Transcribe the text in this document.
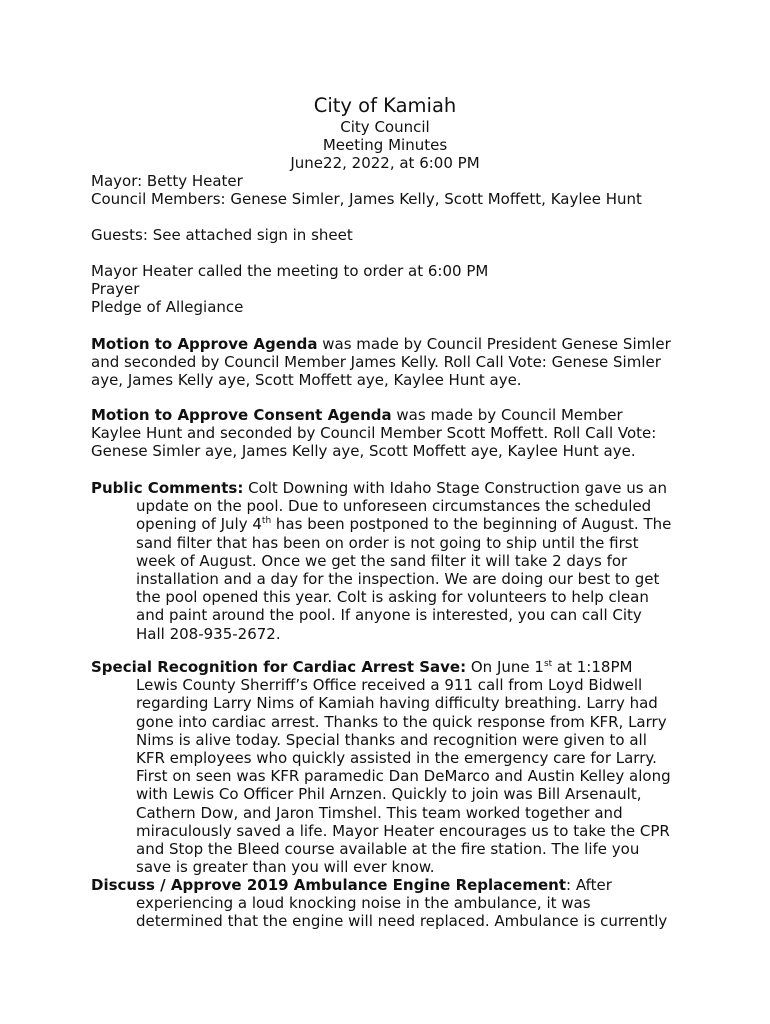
City of Kamiah
City Council
Meeting Minutes
June22, 2022, at 6:00 PM
Mayor: Betty Heater
Council Members: Genese Simler, James Kelly, Scott Moffett, Kaylee Hunt
Guests: See attached sign in sheet
Mayor Heater called the meeting to order at 6:00 PM
Prayer
Pledge of Allegiance
Motion to Approve Agenda was made by Council President Genese Simler
and seconded by Council Member James Kelly. Roll Call Vote: Genese Simler
aye, James Kelly aye, Scott Moffett aye, Kaylee Hunt aye.
Motion to Approve Consent Agenda was made by Council Member
Kaylee Hunt and seconded by Council Member Scott Moffett. Roll Call Vote:
Genese Simler aye, James Kelly aye, Scott Moffett aye, Kaylee Hunt aye.
Public Comments: Colt Downing with Idaho Stage Construction gave us an
update on the pool. Due to unforeseen circumstances the scheduled
opening of July 4th has been postponed to the beginning of August. The
sand filter that has been on order is not going to ship until the first
week of August. Once we get the sand filter it will take 2 days for
installation and a day for the inspection. We are doing our best to get
the pool opened this year. Colt is asking for volunteers to help clean
and paint around the pool. If anyone is interested, you can call City
Hall 208-935-2672.
Special Recognition for Cardiac Arrest Save: On June 1st at 1:18PM
Lewis County Sherriff’s Office received a 911 call from Loyd Bidwell
regarding Larry Nims of Kamiah having difficulty breathing. Larry had
gone into cardiac arrest. Thanks to the quick response from KFR, Larry
Nims is alive today. Special thanks and recognition were given to all
KFR employees who quickly assisted in the emergency care for Larry.
First on seen was KFR paramedic Dan DeMarco and Austin Kelley along
with Lewis Co Officer Phil Arnzen. Quickly to join was Bill Arsenault,
Cathern Dow, and Jaron Timshel. This team worked together and
miraculously saved a life. Mayor Heater encourages us to take the CPR
and Stop the Bleed course available at the fire station. The life you
save is greater than you will ever know.
Discuss / Approve 2019 Ambulance Engine Replacement: After
experiencing a loud knocking noise in the ambulance, it was
determined that the engine will need replaced. Ambulance is currently
